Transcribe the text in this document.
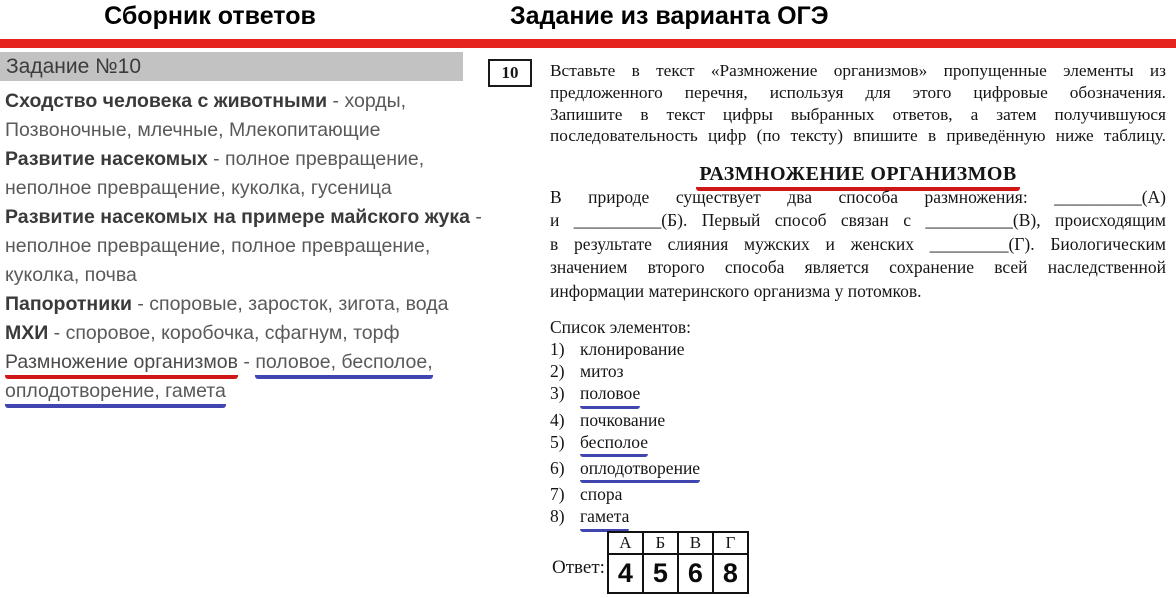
Сборник ответов	Задание из варианта ОГЭ
Задание №10
Сходство человека с животными - хорды,
Позвоночные, млечные, Млекопитающие
Развитие насекомых - полное превращение,
неполное превращение, куколка, гусеница
Развитие насекомых на примере майского жука -
неполное превращение, полное превращение,
куколка, почва
Папоротники - споровые, заросток, зигота, вода
МХИ - споровое, коробочка, сфагнум, торф
Размножение организмов - половое, бесполое,
оплодотворение, гамета
10	Вставьте в текст «Размножение организмов» пропущенные элементы из
предложенного перечня, используя для этого цифровые обозначения.
Запишите в текст цифры выбранных ответов, а затем получившуюся
последовательность цифр (по тексту) впишите в приведённую ниже таблицу.
РАЗМНОЖЕНИЕ ОРГАНИЗМОВ
В природе существует два способа размножения: __________(А)
и __________(Б). Первый способ связан с __________(В), происходящим
в результате слияния мужских и женских _________(Г). Биологическим
значением второго способа является сохранение всей наследственной
информации материнского организма у потомков.
Список элементов:
1) клонирование
2) митоз
3) половое
4) почкование
5) бесполое
6) оплодотворение
7) спора
8) гамета
Ответ:
А	Б	В	Г
4	5	6	8
